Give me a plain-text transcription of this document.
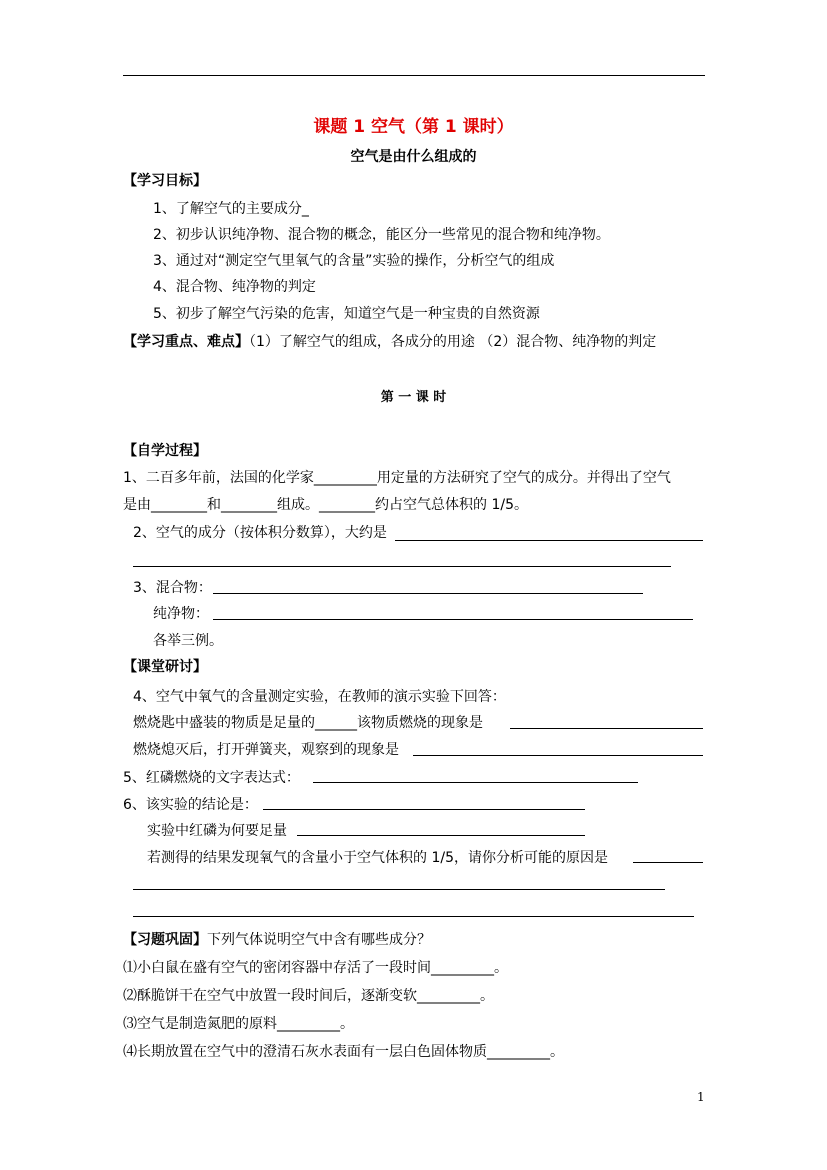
课题 1 空气（第 1 课时）
空气是由什么组成的
【学习目标】
1、了解空气的主要成分_
2、初步认识纯净物、混合物的概念，能区分一些常见的混合物和纯净物。
3、通过对“测定空气里氧气的含量”实验的操作，分析空气的组成
4、混合物、纯净物的判定
5、初步了解空气污染的危害，知道空气是一种宝贵的自然资源
【学习重点、难点】（1）了解空气的组成，各成分的用途 （2）混合物、纯净物的判定
第 一 课 时
【自学过程】
1、二百多年前，法国的化学家_________用定量的方法研究了空气的成分。并得出了空气
是由________和________组成。________约占空气总体积的 1/5。
2、空气的成分（按体积分数算），大约是
3、混合物：
纯净物：
各举三例。
【课堂研讨】
4、空气中氧气的含量测定实验，在教师的演示实验下回答：
燃烧匙中盛装的物质是足量的______该物质燃烧的现象是
燃烧熄灭后，打开弹簧夹，观察到的现象是
5、红磷燃烧的文字表达式：
6、该实验的结论是：
实验中红磷为何要足量
若测得的结果发现氧气的含量小于空气体积的 1/5，请你分析可能的原因是
【习题巩固】下列气体说明空气中含有哪些成分？
⑴小白鼠在盛有空气的密闭容器中存活了一段时间_________。
⑵酥脆饼干在空气中放置一段时间后，逐渐变软_________。
⑶空气是制造氮肥的原料_________。
⑷长期放置在空气中的澄清石灰水表面有一层白色固体物质_________。
1
